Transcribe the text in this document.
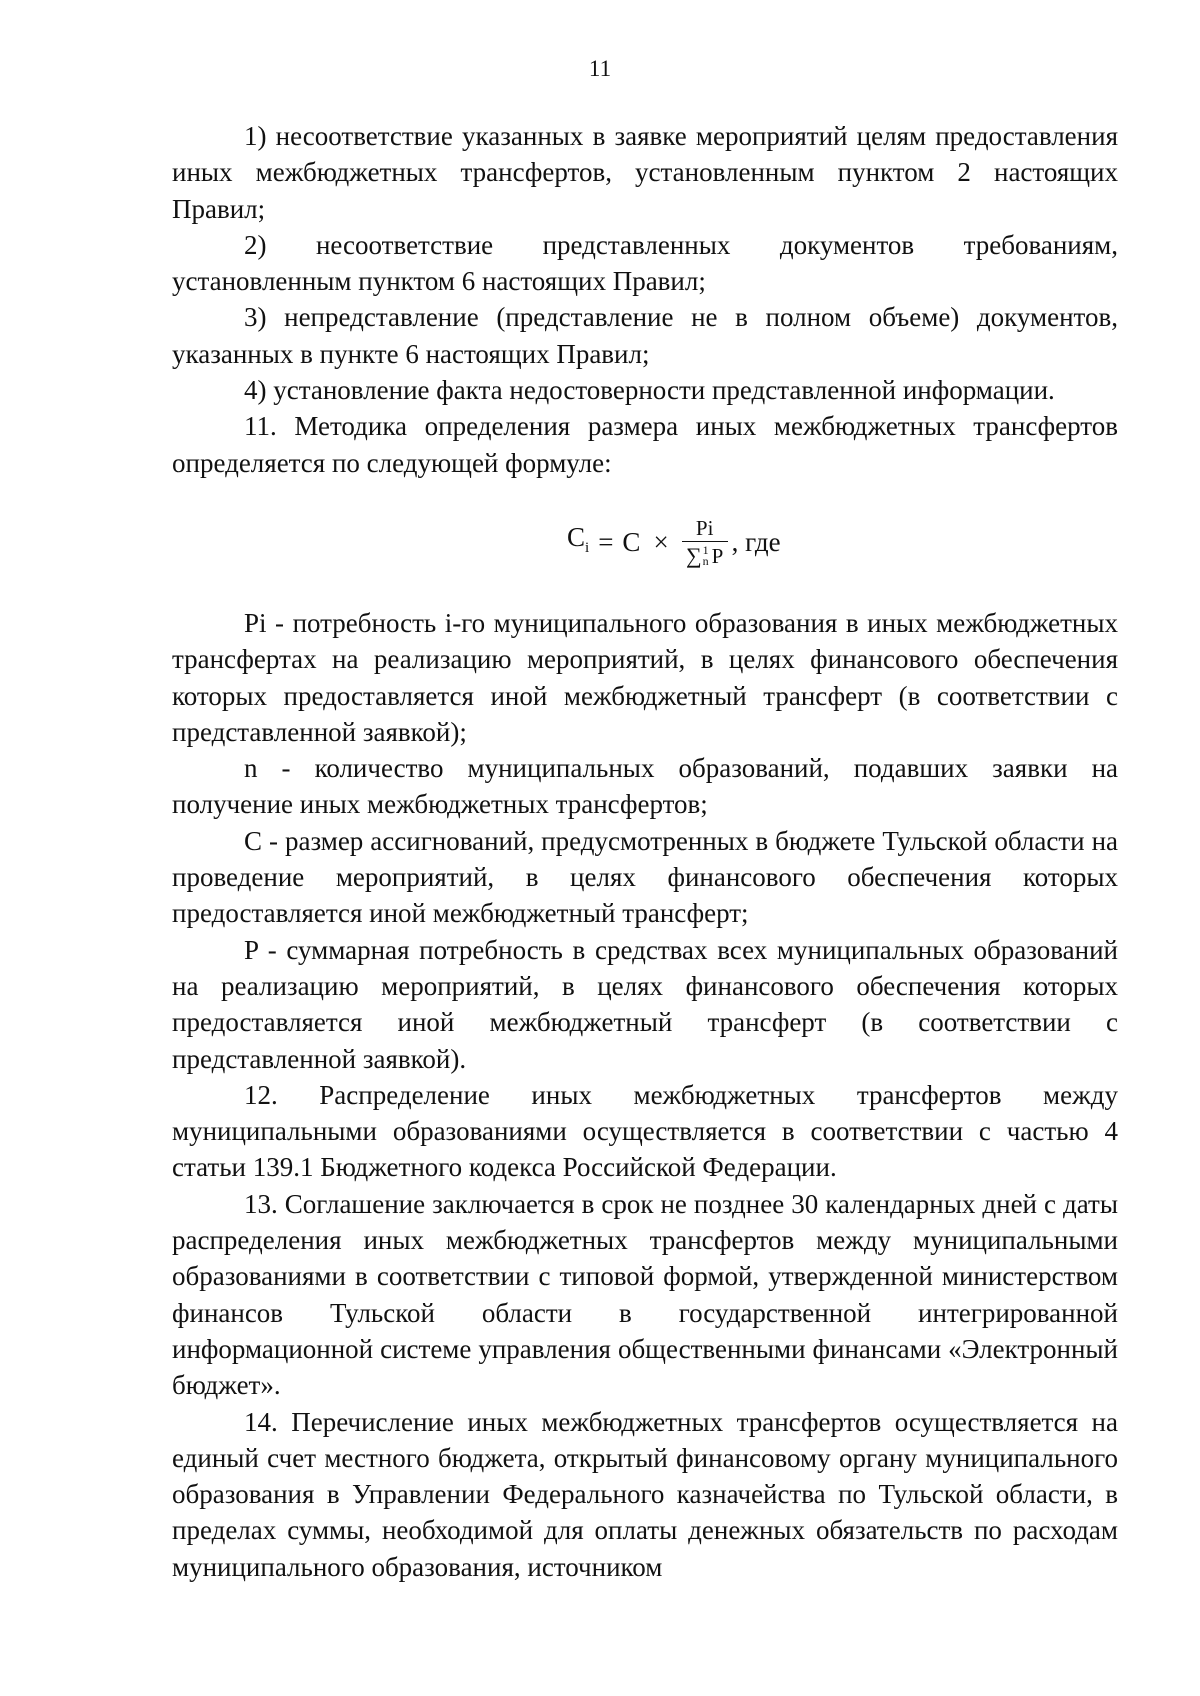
11

1) несоответствие указанных в заявке мероприятий целям предоставления иных межбюджетных трансфертов, установленным пунктом 2 настоящих Правил;

2) несоответствие представленных документов требованиям, установленным пунктом 6 настоящих Правил;

3) непредставление (представление не в полном объеме) документов, указанных в пункте 6 настоящих Правил;

4) установление факта недостоверности представленной информации.

11. Методика определения размера иных межбюджетных трансфертов определяется по следующей формуле:

$C_i = C \times Pi$
∑ 1
n P , где

Pi - потребность i-го муниципального образования в иных межбюджетных трансфертах на реализацию мероприятий, в целях финансового обеспечения которых предоставляется иной межбюджетный трансферт (в соответствии с представленной заявкой);

n - количество муниципальных образований, подавших заявки на получение иных межбюджетных трансфертов;

C - размер ассигнований, предусмотренных в бюджете Тульской области на проведение мероприятий, в целях финансового обеспечения которых предоставляется иной межбюджетный трансферт;

P - суммарная потребность в средствах всех муниципальных образований на реализацию мероприятий, в целях финансового обеспечения которых предоставляется иной межбюджетный трансферт (в соответствии с представленной заявкой).

12. Распределение иных межбюджетных трансфертов между муниципальными образованиями осуществляется в соответствии с частью 4 статьи 139.1 Бюджетного кодекса Российской Федерации.

13. Соглашение заключается в срок не позднее 30 календарных дней с даты распределения иных межбюджетных трансфертов между муниципальными образованиями в соответствии с типовой формой, утвержденной министерством финансов Тульской области в государственной интегрированной информационной системе управления общественными финансами «Электронный бюджет».

14. Перечисление иных межбюджетных трансфертов осуществляется на единый счет местного бюджета, открытый финансовому органу муниципального образования в Управлении Федерального казначейства по Тульской области, в пределах суммы, необходимой для оплаты денежных обязательств по расходам муниципального образования, источником
